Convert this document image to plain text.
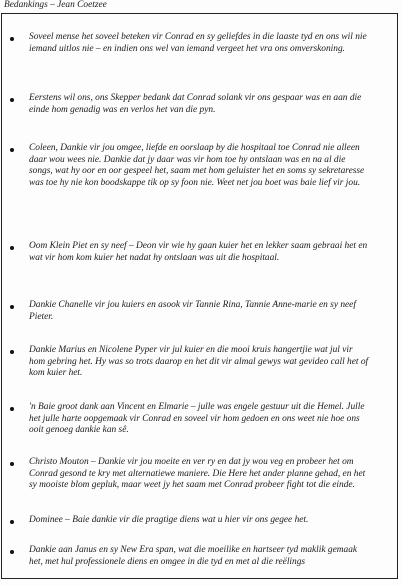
Bedankings – Jean Coetzee

Soveel mense het soveel beteken vir Conrad en sy geliefdes in die laaste tyd en ons wil nie iemand uitlos nie – en indien ons wel van iemand vergeet het vra ons omverskoning.

Eerstens wil ons, ons Skepper bedank dat Conrad solank vir ons gespaar was en aan die einde hom genadig was en verlos het van die pyn.

Coleen, Dankie vir jou omgee, liefde en oorslaap by die hospitaal toe Conrad nie alleen daar wou wees nie. Dankie dat jy daar was vir hom toe hy ontslaan was en na al die songs, wat hy oor en oor gespeel het, saam met hom geluister het en soms sy sekretaresse was toe hy nie kon boodskappe tik op sy foon nie. Weet net jou boet was baie lief vir jou.

Oom Klein Piet en sy neef – Deon vir wie hy gaan kuier het en lekker saam gebraai het en wat vir hom kom kuier het nadat hy ontslaan was uit die hospitaal.

Dankie Chanelle vir jou kuiers en asook vir Tannie Rina, Tannie Anne-marie en sy neef Pieter.

Dankie Marius en Nicolene Pyper vir jul kuier en die mooi kruis hangertjie wat jul vir hom gebring het. Hy was so trots daarop en het dit vir almal gewys wat gevideo call het of kom kuier het.

'n Baie groot dank aan Vincent en Elmarie – julle was engele gestuur uit die Hemel. Julle het julle harte oopgemaak vir Conrad en soveel vir hom gedoen en ons weet nie hoe ons ooit genoeg dankie kan sê.

Christo Mouton – Dankie vir jou moeite en ver ry en dat jy wou veg en probeer het om Conrad gesond te kry met alternatiewe maniere. Die Here het ander planne gehad, en het sy mooiste blom gepluk, maar weet jy het saam met Conrad probeer fight tot die einde.

Dominee – Baie dankie vir die pragtige diens wat u hier vir ons gegee het.

Dankie aan Janus en sy New Era span, wat die moeilike en hartseer tyd maklik gemaak het, met hul professionele diens en omgee in die tyd en met al die reëlings
